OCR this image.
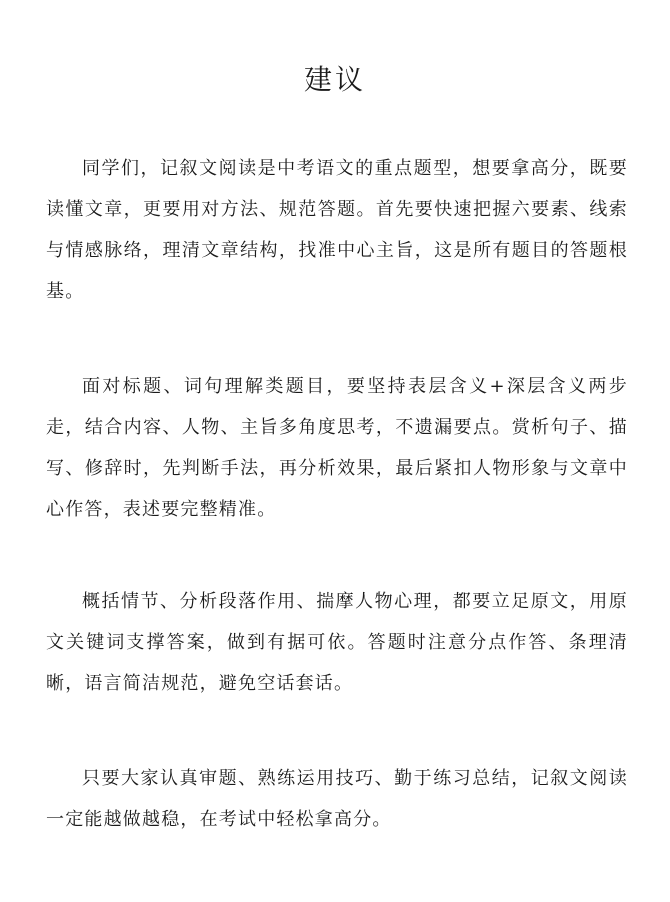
建议

同学们，记叙文阅读是中考语文的重点题型，想要拿高分，既要读懂文章，更要用对方法、规范答题。首先要快速把握六要素、线索与情感脉络，理清文章结构，找准中心主旨，这是所有题目的答题根基。

面对标题、词句理解类题目，要坚持表层含义+深层含义两步走，结合内容、人物、主旨多角度思考，不遗漏要点。赏析句子、描写、修辞时，先判断手法，再分析效果，最后紧扣人物形象与文章中心作答，表述要完整精准。

概括情节、分析段落作用、揣摩人物心理，都要立足原文，用原文关键词支撑答案，做到有据可依。答题时注意分点作答、条理清晰，语言简洁规范，避免空话套话。

只要大家认真审题、熟练运用技巧、勤于练习总结，记叙文阅读一定能越做越稳，在考试中轻松拿高分。
